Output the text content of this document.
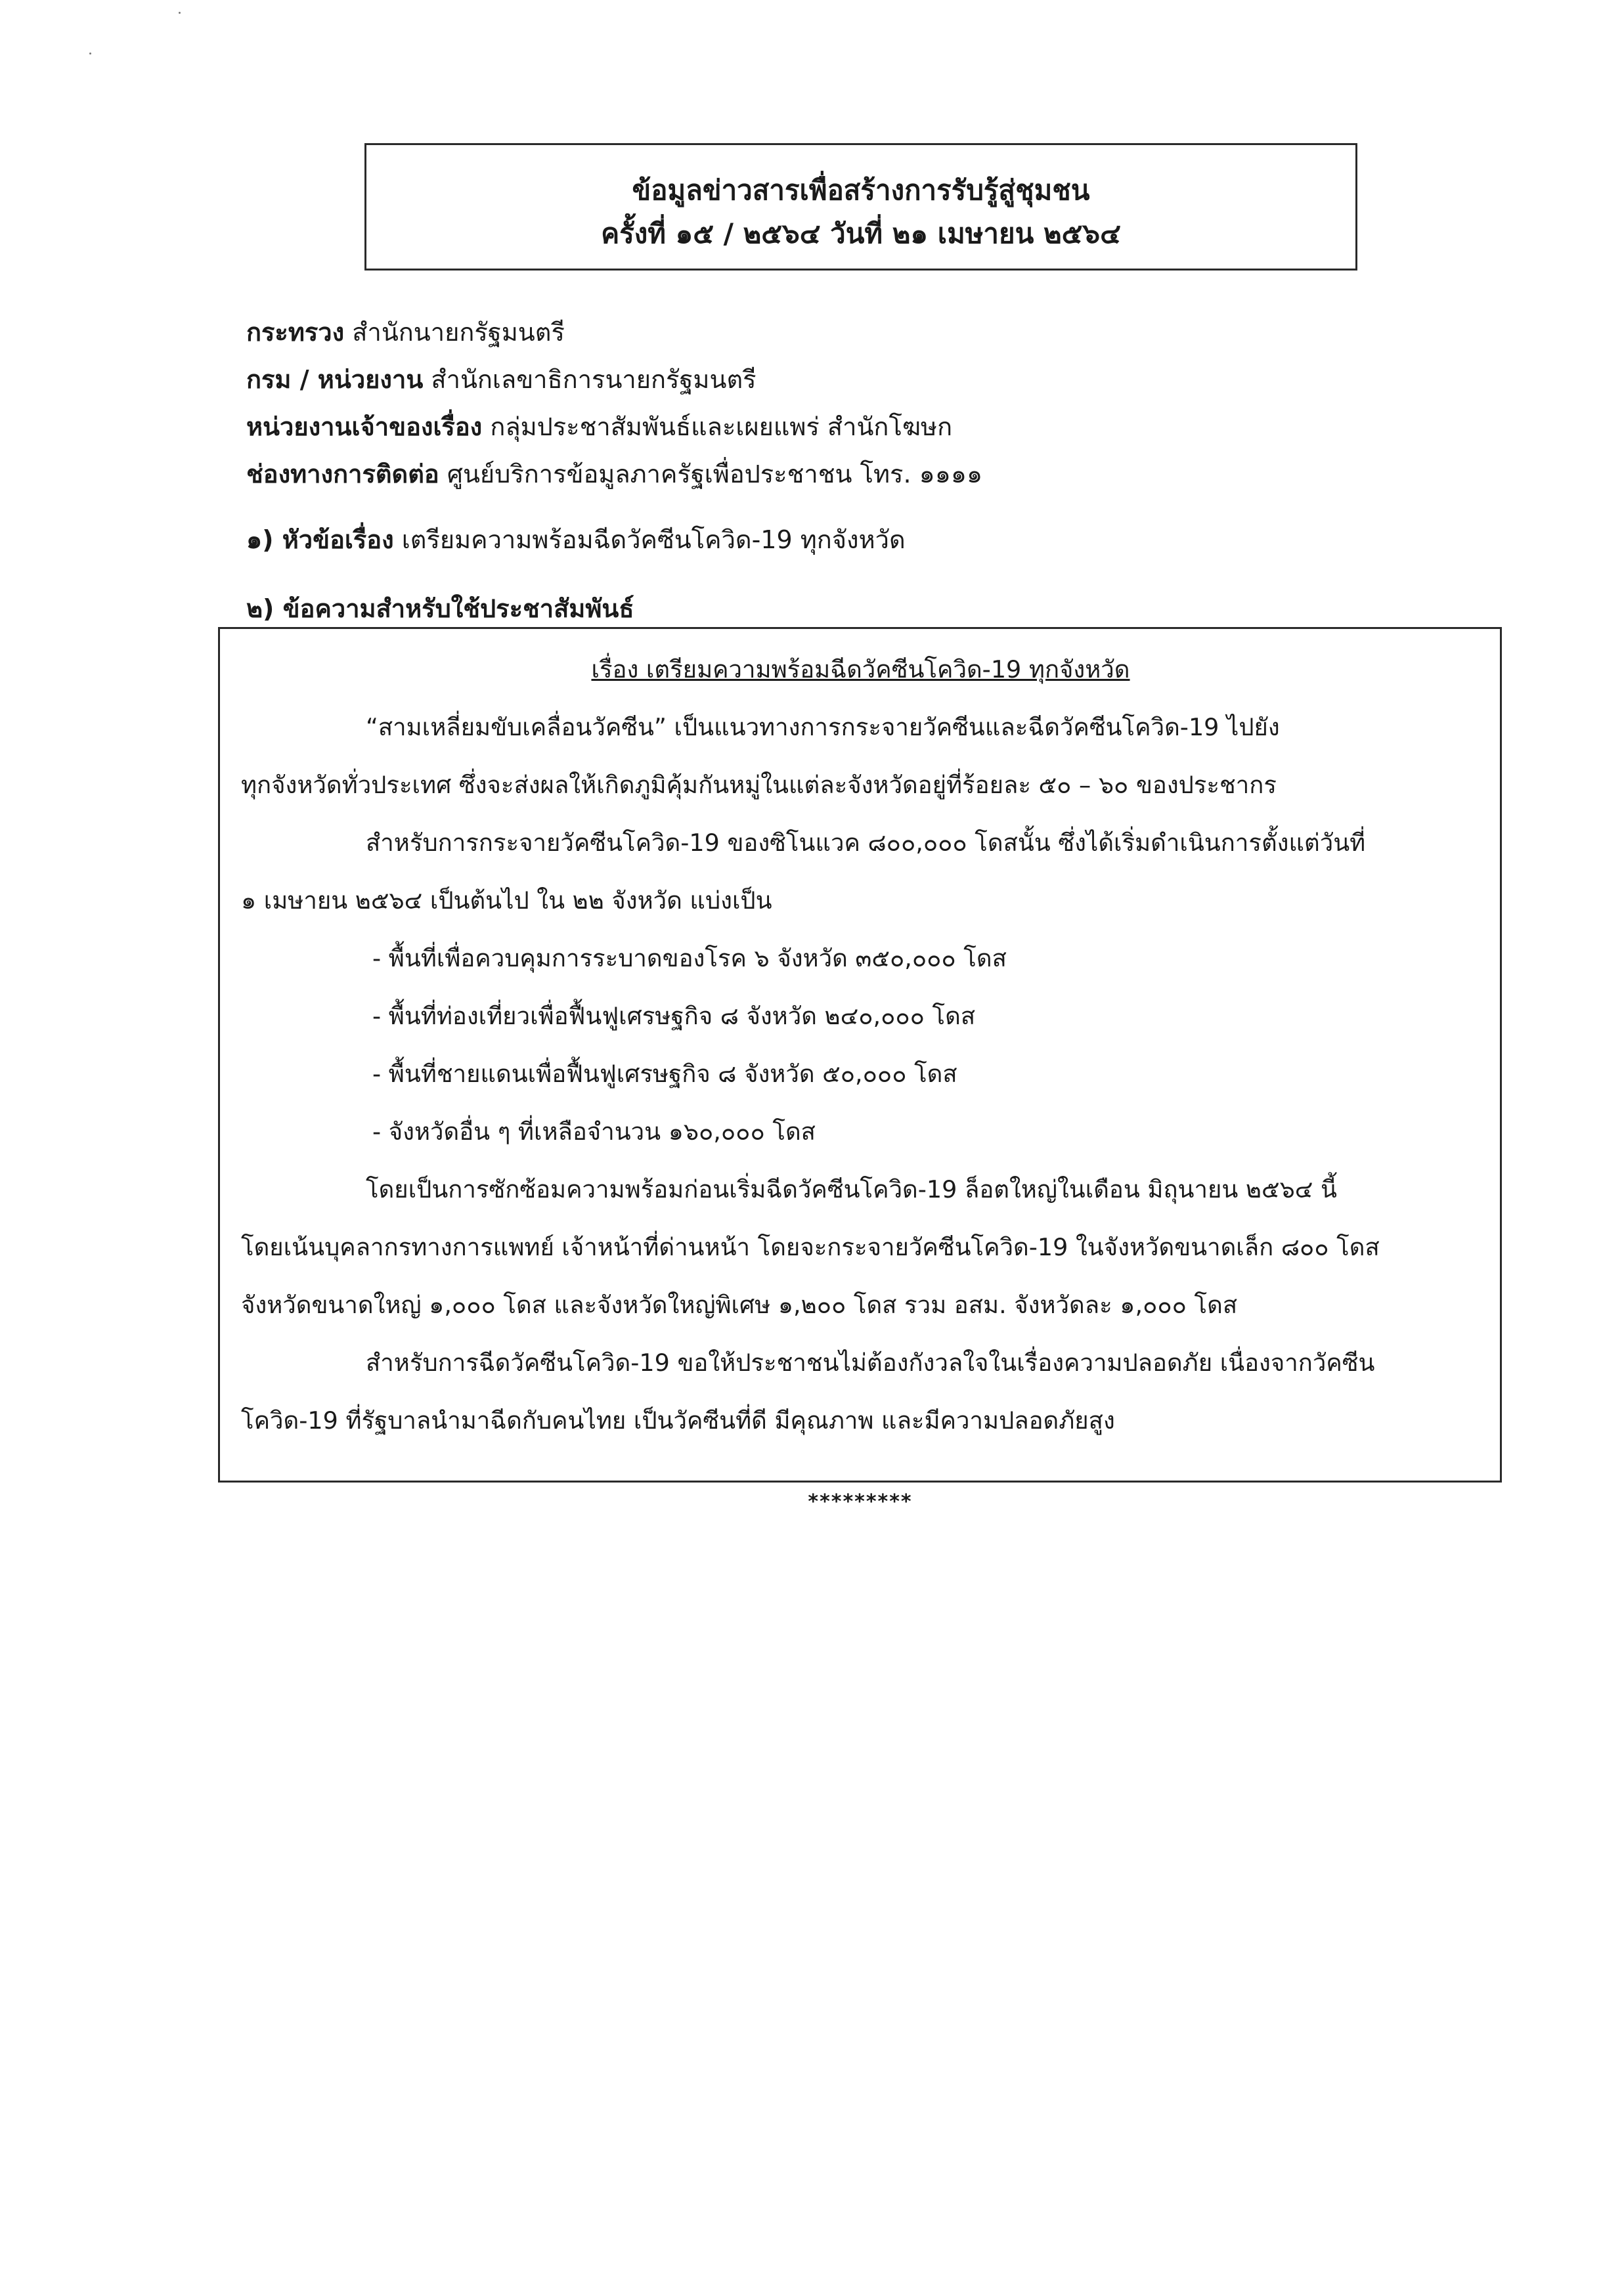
ข้อมูลข่าวสารเพื่อสร้างการรับรู้สู่ชุมชน
ครั้งที่ ๑๕ / ๒๕๖๔ วันที่ ๒๑ เมษายน ๒๕๖๔
กระทรวง สำนักนายกรัฐมนตรี
กรม / หน่วยงาน สำนักเลขาธิการนายกรัฐมนตรี
หน่วยงานเจ้าของเรื่อง กลุ่มประชาสัมพันธ์และเผยแพร่ สำนักโฆษก
ช่องทางการติดต่อ ศูนย์บริการข้อมูลภาครัฐเพื่อประชาชน โทร. ๑๑๑๑
๑) หัวข้อเรื่อง เตรียมความพร้อมฉีดวัคซีนโควิด-19 ทุกจังหวัด
๒) ข้อความสำหรับใช้ประชาสัมพันธ์
เรื่อง เตรียมความพร้อมฉีดวัคซีนโควิด-19 ทุกจังหวัด
“สามเหลี่ยมขับเคลื่อนวัคซีน” เป็นแนวทางการกระจายวัคซีนและฉีดวัคซีนโควิด-19 ไปยัง
ทุกจังหวัดทั่วประเทศ ซึ่งจะส่งผลให้เกิดภูมิคุ้มกันหมู่ในแต่ละจังหวัดอยู่ที่ร้อยละ ๕๐ – ๖๐ ของประชากร
สำหรับการกระจายวัคซีนโควิด-19 ของซิโนแวค ๘๐๐,๐๐๐ โดสนั้น ซึ่งได้เริ่มดำเนินการตั้งแต่วันที่
๑ เมษายน ๒๕๖๔ เป็นต้นไป ใน ๒๒ จังหวัด แบ่งเป็น
- พื้นที่เพื่อควบคุมการระบาดของโรค ๖ จังหวัด ๓๕๐,๐๐๐ โดส
- พื้นที่ท่องเที่ยวเพื่อฟื้นฟูเศรษฐกิจ ๘ จังหวัด ๒๔๐,๐๐๐ โดส
- พื้นที่ชายแดนเพื่อฟื้นฟูเศรษฐกิจ ๘ จังหวัด ๕๐,๐๐๐ โดส
- จังหวัดอื่น ๆ ที่เหลือจำนวน ๑๖๐,๐๐๐ โดส
โดยเป็นการซักซ้อมความพร้อมก่อนเริ่มฉีดวัคซีนโควิด-19 ล็อตใหญ่ในเดือน มิถุนายน ๒๕๖๔ นี้
โดยเน้นบุคลากรทางการแพทย์ เจ้าหน้าที่ด่านหน้า โดยจะกระจายวัคซีนโควิด-19 ในจังหวัดขนาดเล็ก ๘๐๐ โดส
จังหวัดขนาดใหญ่ ๑,๐๐๐ โดส และจังหวัดใหญ่พิเศษ ๑,๒๐๐ โดส รวม อสม. จังหวัดละ ๑,๐๐๐ โดส
สำหรับการฉีดวัคซีนโควิด-19 ขอให้ประชาชนไม่ต้องกังวลใจในเรื่องความปลอดภัย เนื่องจากวัคซีน
โควิด-19 ที่รัฐบาลนำมาฉีดกับคนไทย เป็นวัคซีนที่ดี มีคุณภาพ และมีความปลอดภัยสูง
*********
